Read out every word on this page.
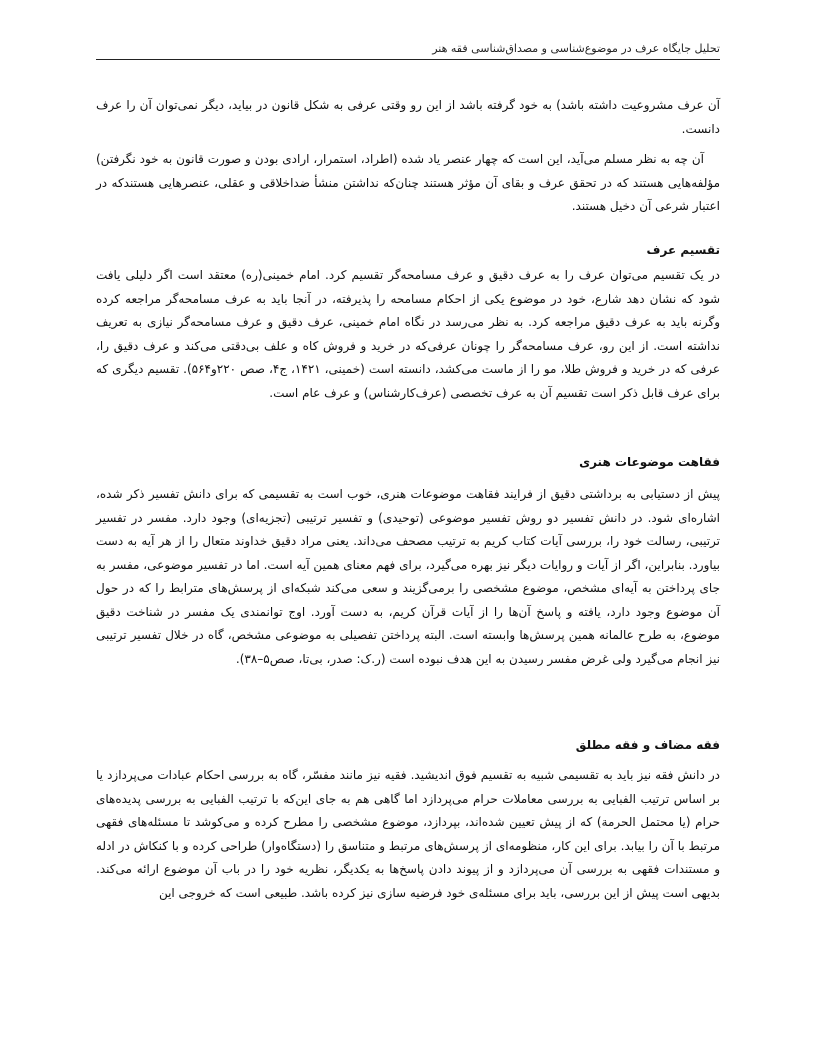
تحلیل جایگاه عرف در موضوع‌شناسی و مصداق‌شناسی فقه هنر

آن عرف مشروعیت داشته باشد) به خود گرفته باشد از این رو وقتی عرفی به شکل قانون در بیاید، دیگر نمی‌توان آن را عرف دانست.

آن چه به نظر مسلم می‌آید، این است که چهار عنصر یاد شده (اطراد، استمرار، ارادی بودن و صورت قانون به خود نگرفتن) مؤلفه‌هایی هستند که در تحقق عرف و بقای آن مؤثر هستند چنان‌که نداشتن منشأ ضداخلاقی و عقلی، عنصرهایی هستندکه در اعتبار شرعی آن دخیل هستند.

تقسیم عرف

در یک تقسیم می‌توان عرف را به عرف دقیق و عرف مسامحه‌گر تقسیم کرد. امام خمینی(ره) معتقد است اگر دلیلی یافت شود که نشان دهد شارع، خود در موضوع یکی از احکام مسامحه را پذیرفته، در آنجا باید به عرف مسامحه‌گر مراجعه کرده وگرنه باید به عرف دقیق مراجعه کرد. به نظر می‌رسد در نگاه امام خمینی، عرف دقیق و عرف مسامحه‌گر نیازی به تعریف نداشته است. از این رو، عرف مسامحه‌گر را چونان عرفی‌که در خرید و فروش کاه و علف بی‌دقتی می‌کند و عرف دقیق را، عرفی که در خرید و فروش طلا، مو را از ماست می‌کشد، دانسته است (خمینی، ۱۴۲۱، ج۴، صص ۲۲۰و۵۶۴). تقسیم دیگری که برای عرف قابل ذکر است تقسیم آن به عرف تخصصی (عرف‌کارشناس) و عرف عام است.

فقاهت موضوعات هنری

پیش از دستیابی به برداشتی دقیق از فرایند فقاهت موضوعات هنری، خوب است به تقسیمی که برای دانش تفسیر ذکر شده، اشاره‌ای شود. در دانش تفسیر دو روش تفسیر موضوعی (توحیدی) و تفسیر ترتیبی (تجزیه‌ای) وجود دارد. مفسر در تفسیر ترتیبی، رسالت خود را، بررسی آیات کتاب کریم به ترتیب مصحف می‌داند. یعنی مراد دقیق خداوند متعال را از هر آیه به دست بیاورد. بنابراین، اگر از آیات و روایات دیگر نیز بهره می‌گیرد، برای فهم معنای همین آیه است. اما در تفسیر موضوعی، مفسر به جای پرداختن به آیه‌ای مشخص، موضوع مشخصی را برمی‌گزیند و سعی می‌کند شبکه‌ای از پرسش‌های مترابط را که در حول آن موضوع وجود دارد، یافته و پاسخ آن‌ها را از آیات قرآن کریم، به دست آورد. اوج توانمندی یک مفسر در شناخت دقیق موضوع، به طرح عالمانه همین پرسش‌ها وابسته است. البته پرداختن تفصیلی به موضوعی مشخص، گاه در خلال تفسیر ترتیبی نیز انجام می‌گیرد ولی غرض مفسر رسیدن به این هدف نبوده است (ر.ک: صدر، بی‌تا، صص۵–۳۸).

فقه مضاف و فقه مطلق

در دانش فقه نیز باید به تقسیمی شبیه به تقسیم فوق اندیشید. فقیه نیز مانند مفسّر، گاه به بررسی احکام عبادات می‌پردازد یا بر اساس ترتیب الفبایی به بررسی معاملات حرام می‌پردازد اما گاهی هم به جای این‌که با ترتیب الفبایی به بررسی پدیده‌های حرام (یا محتمل الحرمة) که از پیش تعیین شده‌اند، بپردازد، موضوع مشخصی را مطرح کرده و می‌کوشد تا مسئله‌های فقهی مرتبط با آن را بیابد. برای این کار، منظومه‌ای از پرسش‌های مرتبط و متناسق را (دستگاه‌وار) طراحی کرده و با کنکاش در ادله و مستندات فقهی به بررسی آن می‌پردازد و از پیوند دادن پاسخ‌ها به یکدیگر، نظریه خود را در باب آن موضوع ارائه می‌کند. بدیهی است پیش از این بررسی، باید برای مسئله‌ی خود فرضیه سازی نیز کرده باشد. طبیعی است که خروجی این
